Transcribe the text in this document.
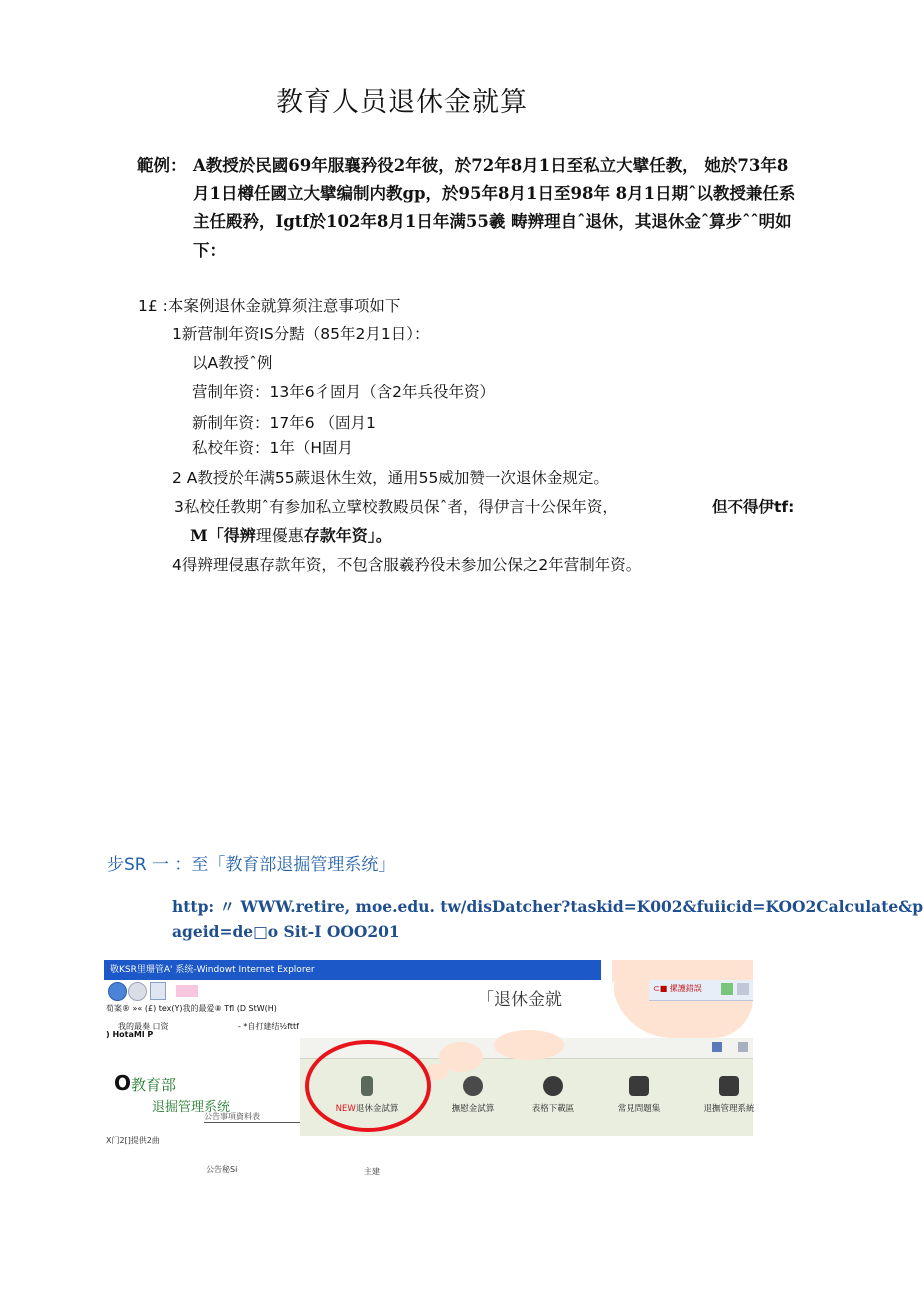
教育人员退休金就算
範例： A教授於民國69年服襄矜役2年彼，於72年8月1日至私立大擘任教， 她於73年8
月1日樽任國立大擘编制内教gp，於95年8月1日至98年 8月1日期ˆ以教授兼任系
主任殿矜，Igtf於102年8月1日年满55羲 畴辨理自ˆ退休，其退休金ˆ算步ˆˆ明如
下：
1£ :本案例退休金就算须注意事项如下
1新营制年资IS分黠（85年2月1日）：
以A教授ˆ例
营制年资：13年6彳固月（含2年兵役年资）
新制年资：17年6 （固月1
私校年资：1年（H固月
2 A教授於年满55蕨退休生效，通用55威加赞一次退休金规定。
3私校任教期ˆ有参加私立擘校教殿员保ˆ者，得伊言十公保年资，	但不得伊tf:
M「得辨理優惠存款年资」。
4得辨理侵惠存款年资，不包含服羲矜役未参加公保之2年营制年资。
步SR 一 ：至「教育部退掘管理系统」
http: 〃 WWW.retire, moe.edu. tw/disDatcher?taskid=K002&fuiicid=KOO2Calculate&p
ageid=de□o Sit-I OOO201
敬KSR里珊管A' 系统-Windowt Internet Explorer
荀案® »« (£) tex(Y)我的最爱⑧ Tfl (D StW(H)
我的最奏 口资	- *自打建结½fttf
) HotaMl P
⊂■ 摞護錯誤
「退休金就
NEW退休金試算	撫慰金試算	表格下載區	常見問題集	退撫管理系統
O教育部
退掘管理系统
公告事項資料表
X门2[]提供2曲
公告秘Si	主建
